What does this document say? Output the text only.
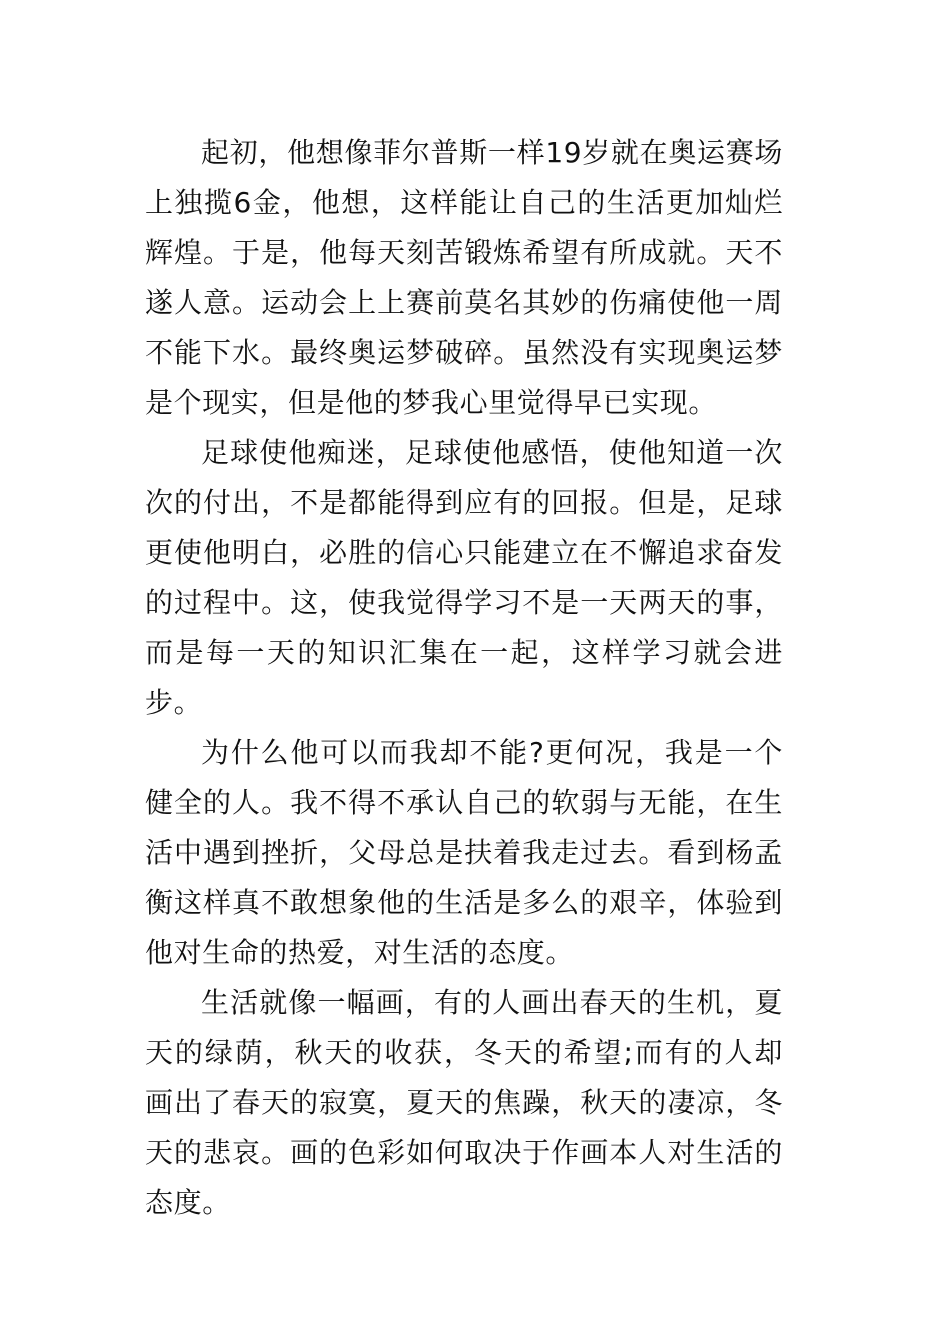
起初，他想像菲尔普斯一样19岁就在奥运赛场上独揽6金，他想，这样能让自己的生活更加灿烂辉煌。于是，他每天刻苦锻炼希望有所成就。天不遂人意。运动会上上赛前莫名其妙的伤痛使他一周不能下水。最终奥运梦破碎。虽然没有实现奥运梦是个现实，但是他的梦我心里觉得早已实现。

足球使他痴迷，足球使他感悟，使他知道一次次的付出，不是都能得到应有的回报。但是，足球更使他明白，必胜的信心只能建立在不懈追求奋发的过程中。这，使我觉得学习不是一天两天的事，而是每一天的知识汇集在一起，这样学习就会进步。

为什么他可以而我却不能?更何况，我是一个健全的人。我不得不承认自己的软弱与无能，在生活中遇到挫折，父母总是扶着我走过去。看到杨孟衡这样真不敢想象他的生活是多么的艰辛，体验到他对生命的热爱，对生活的态度。

生活就像一幅画，有的人画出春天的生机，夏天的绿荫，秋天的收获，冬天的希望;而有的人却画出了春天的寂寞，夏天的焦躁，秋天的凄凉，冬天的悲哀。画的色彩如何取决于作画本人对生活的态度。
